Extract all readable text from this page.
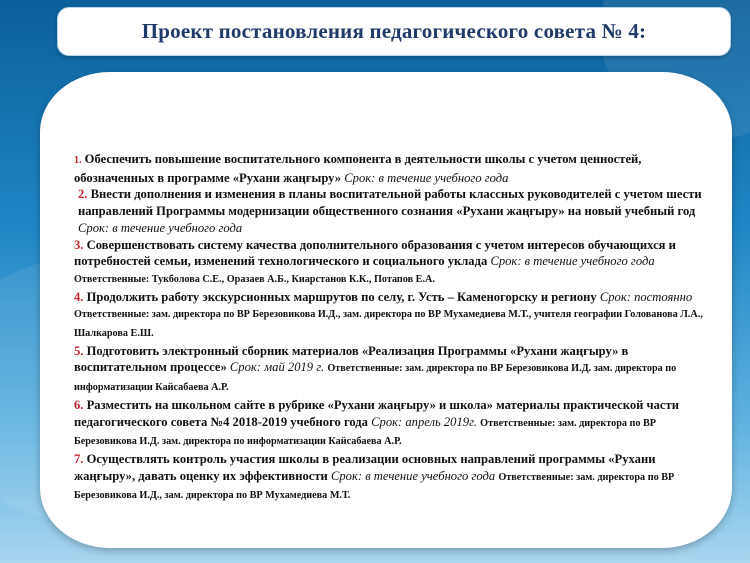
Проект постановления педагогического совета № 4:
1. Обеспечить повышение воспитательного компонента в деятельности школы с учетом ценностей, обозначенных в программе «Рухани жаңғыру» Срок: в течение учебного года
2. Внести дополнения и изменения в планы воспитательной работы классных руководителей с учетом шести направлений Программы модернизации общественного сознания «Рухани жаңғыру» на новый учебный год Срок: в течение учебного года
3. Совершенствовать систему качества дополнительного образования с учетом интересов обучающихся и потребностей семьи, изменений технологического и социального уклада Срок: в течение учебного года Ответственные: Тукболова С.Е., Оразаев А.Б., Киарстанов К.К., Потапов Е.А.
4. Продолжить работу экскурсионных маршрутов по селу, г. Усть – Каменогорску и региону Срок: постоянно Ответственные: зам. директора по ВР Березовикова И.Д., зам. директора по ВР Мухамедиева М.Т., учителя географии Голованова Л.А., Шалкарова Е.Ш.
5. Подготовить электронный сборник материалов «Реализация Программы «Рухани жаңғыру» в воспитательном процессе» Срок: май 2019 г. Ответственные: зам. директора по ВР Березовикова И.Д. зам. директора по информатизации Кайсабаева А.Р.
6. Разместить на школьном сайте в рубрике «Рухани жаңғыру» и школа» материалы практической части педагогического совета №4 2018-2019 учебного года Срок: апрель 2019г. Ответственные: зам. директора по ВР Березовикова И.Д. зам. директора по информатизации Кайсабаева А.Р.
7. Осуществлять контроль участия школы в реализации основных направлений программы «Рухани жаңғыру», давать оценку их эффективности Срок: в течение учебного года Ответственные: зам. директора по ВР Березовикова И.Д., зам. директора по ВР Мухамедиева М.Т.
